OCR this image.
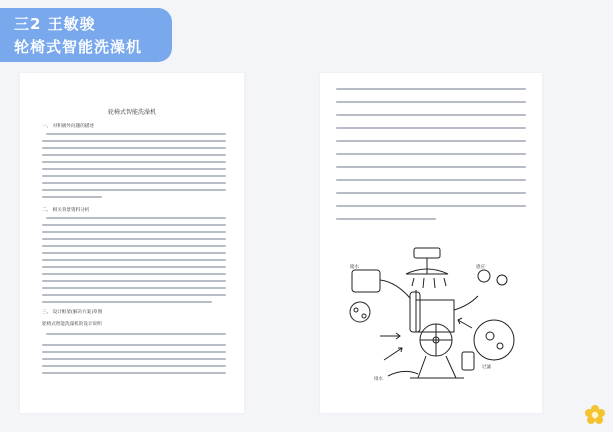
三2 王敏骏
轮椅式智能洗澡机
轮椅式智能洗澡机
一、 对积极外问题的描述
二、 相关背景资料分析
三、 设计框架(解决方案)草图
轮椅式智能洗澡机的设计说明
储水	感应
过滤
排水
